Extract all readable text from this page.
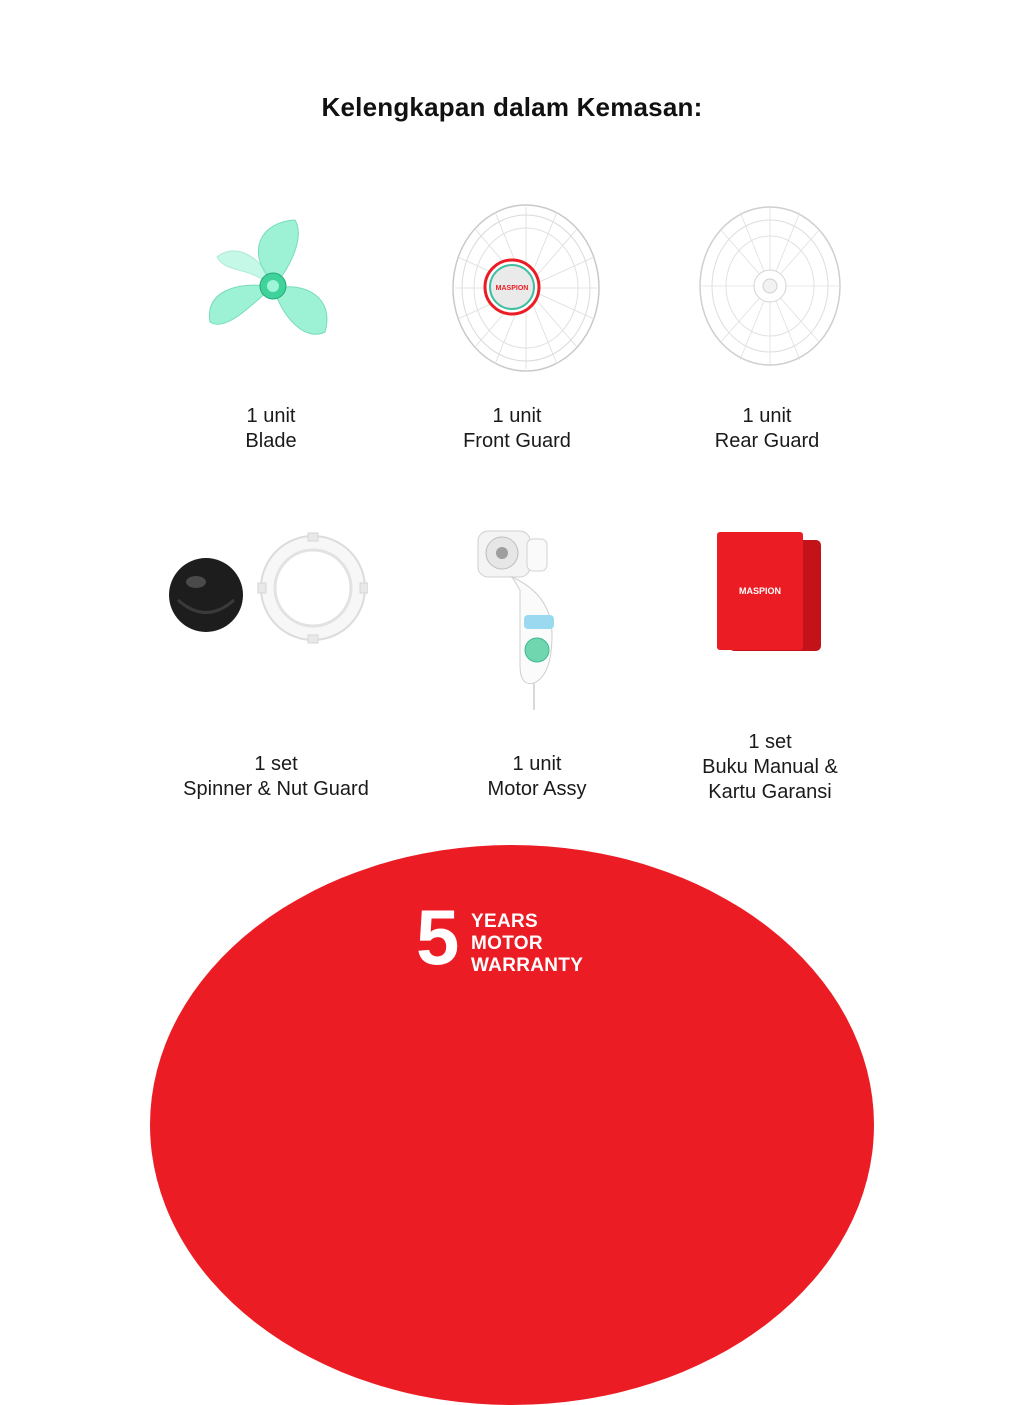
Kelengkapan dalam Kemasan:
1 unit
Blade
MASPION
1 unit
Front Guard
1 unit
Rear Guard
1 set
Spinner & Nut Guard
1 unit
Motor Assy
MASPION
1 set
Buku Manual &
Kartu Garansi
5 YEARS
MOTOR
WARRANTY
